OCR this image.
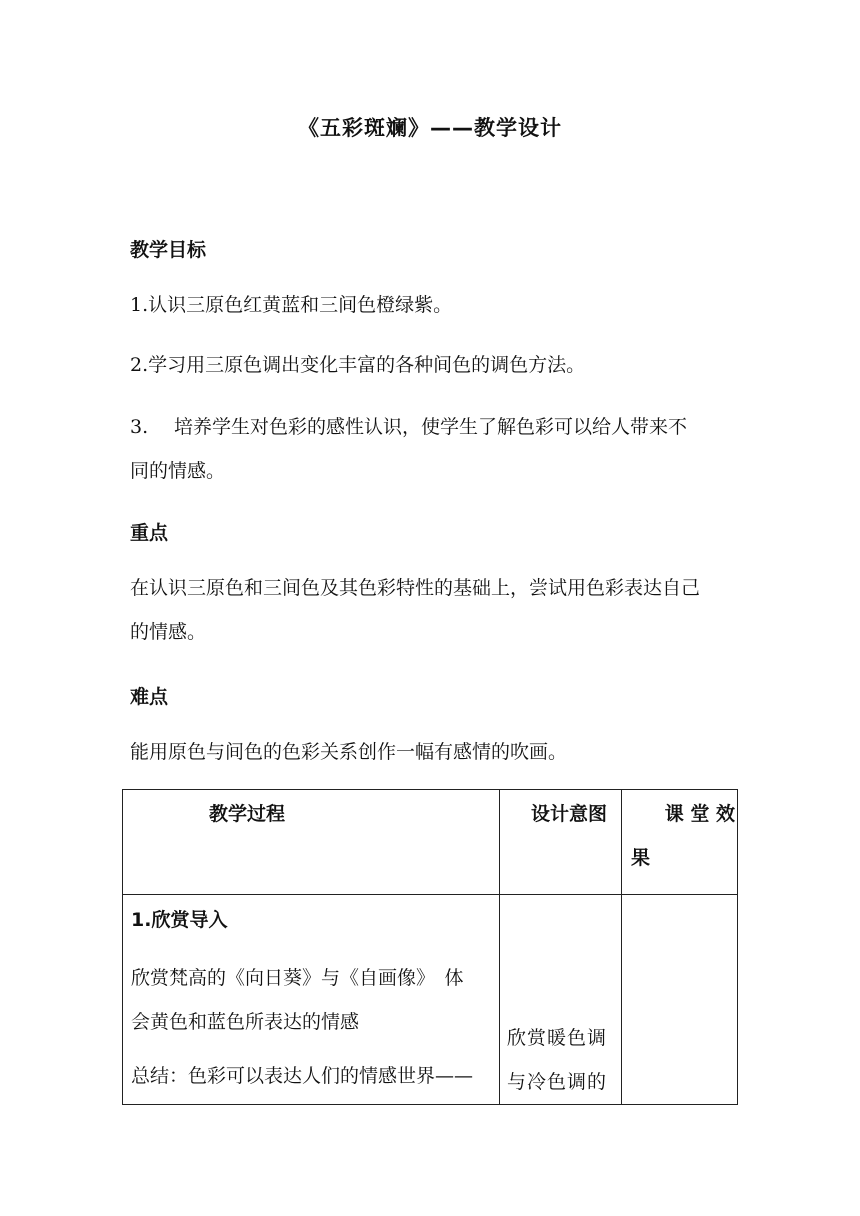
《五彩斑斓》——教学设计
教学目标
1.认识三原色红黄蓝和三间色橙绿紫。
2.学习用三原色调出变化丰富的各种间色的调色方法。
3. 培养学生对色彩的感性认识，使学生了解色彩可以给人带来不
同的情感。
重点
在认识三原色和三间色及其色彩特性的基础上，尝试用色彩表达自己
的情感。
难点
能用原色与间色的色彩关系创作一幅有感情的吹画。
教学过程	设计意图	课 堂 效
果
1.欣赏导入
欣赏梵高的《向日葵》与《自画像》　体
会黄色和蓝色所表达的情感
总结：色彩可以表达人们的情感世界——
欣赏暖色调
与冷色调的
